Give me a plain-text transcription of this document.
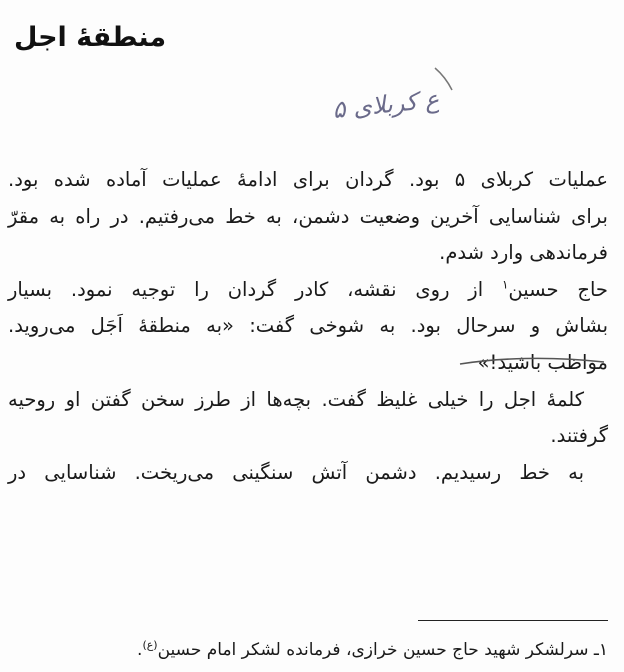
منطقهٔ اجل
ع کربلای ۵
عملیات کربلای ۵ بود. گردان برای ادامهٔ عملیات آماده شده بود.
برای شناسایی آخرین وضعیت دشمن، به خط می‌رفتیم. در راه به مقرّ
فرماندهی وارد شدم.
حاج حسین$^۱$ از روی نقشه، کادر گردان را توجیه نمود. بسیار
بشاش و سرحال بود. به شوخی گفت: «به منطقهٔ اَجَل می‌روید.
مواظب باشید!»
کلمهٔ اجل را خیلی غلیظ گفت. بچه‌ها از طرز سخن گفتن او روحیه
گرفتند.
به خط رسیدیم. دشمن آتش سنگینی می‌ریخت. شناسایی در
۱ـ سرلشکر شهید حاج حسین خرازی، فرمانده لشکر امام حسین$^{(ع)}$.
